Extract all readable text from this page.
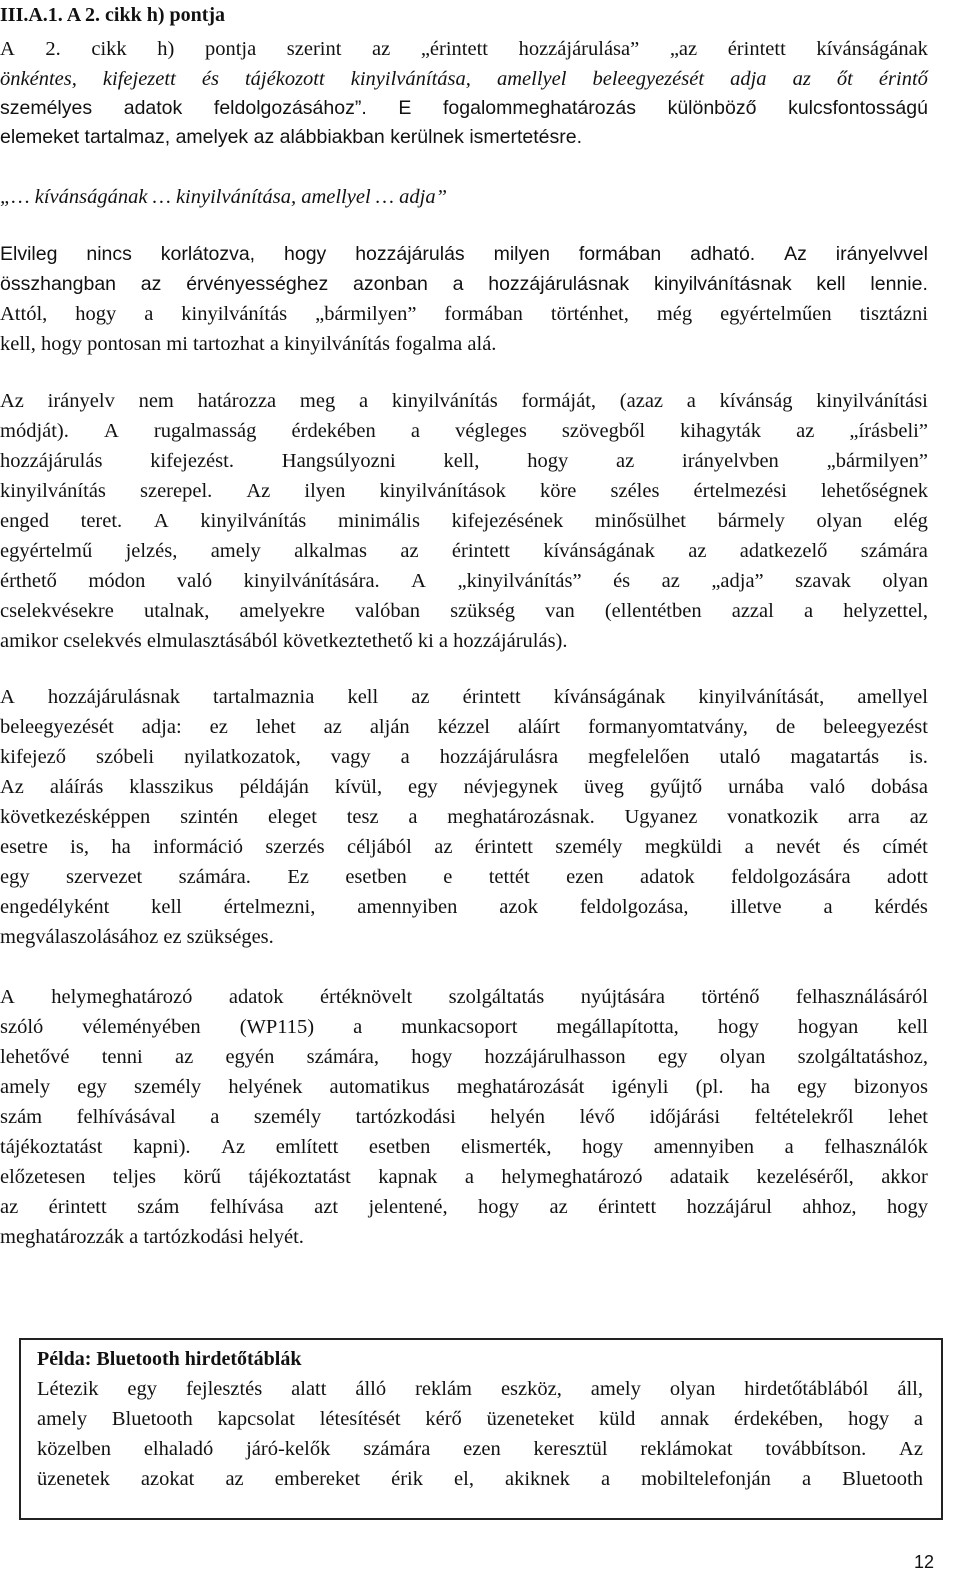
III.A.1. A 2. cikk h) pontja
A 2. cikk h) pontja szerint az „érintett hozzájárulása” „az érintett kívánságának
önkéntes, kifejezett és tájékozott kinyilvánítása, amellyel beleegyezését adja az őt érintő
személyes adatok feldolgozásához”. E fogalommeghatározás különböző kulcsfontosságú
elemeket tartalmaz, amelyek az alábbiakban kerülnek ismertetésre.
„… kívánságának … kinyilvánítása, amellyel … adja”
Elvileg nincs korlátozva, hogy hozzájárulás milyen formában adható. Az irányelvvel
összhangban az érvényességhez azonban a hozzájárulásnak kinyilvánításnak kell lennie.
Attól, hogy a kinyilvánítás „bármilyen” formában történhet, még egyértelműen tisztázni
kell, hogy pontosan mi tartozhat a kinyilvánítás fogalma alá.
Az irányelv nem határozza meg a kinyilvánítás formáját, (azaz a kívánság kinyilvánítási
módját). A rugalmasság érdekében a végleges szövegből kihagyták az „írásbeli”
hozzájárulás kifejezést. Hangsúlyozni kell, hogy az irányelvben „bármilyen”
kinyilvánítás szerepel. Az ilyen kinyilvánítások köre széles értelmezési lehetőségnek
enged teret. A kinyilvánítás minimális kifejezésének minősülhet bármely olyan elég
egyértelmű jelzés, amely alkalmas az érintett kívánságának az adatkezelő számára
érthető módon való kinyilvánítására. A „kinyilvánítás” és az „adja” szavak olyan
cselekvésekre utalnak, amelyekre valóban szükség van (ellentétben azzal a helyzettel,
amikor cselekvés elmulasztásából következtethető ki a hozzájárulás).
A hozzájárulásnak tartalmaznia kell az érintett kívánságának kinyilvánítását, amellyel
beleegyezését adja: ez lehet az alján kézzel aláírt formanyomtatvány, de beleegyezést
kifejező szóbeli nyilatkozatok, vagy a hozzájárulásra megfelelően utaló magatartás is.
Az aláírás klasszikus példáján kívül, egy névjegynek üveg gyűjtő urnába való dobása
következésképpen szintén eleget tesz a meghatározásnak. Ugyanez vonatkozik arra az
esetre is, ha információ szerzés céljából az érintett személy megküldi a nevét és címét
egy szervezet számára. Ez esetben e tettét ezen adatok feldolgozására adott
engedélyként kell értelmezni, amennyiben azok feldolgozása, illetve a kérdés
megválaszolásához ez szükséges.
A helymeghatározó adatok értéknövelt szolgáltatás nyújtására történő felhasználásáról
szóló véleményében (WP115) a munkacsoport megállapította, hogy hogyan kell
lehetővé tenni az egyén számára, hogy hozzájárulhasson egy olyan szolgáltatáshoz,
amely egy személy helyének automatikus meghatározását igényli (pl. ha egy bizonyos
szám felhívásával a személy tartózkodási helyén lévő időjárási feltételekről lehet
tájékoztatást kapni). Az említett esetben elismerték, hogy amennyiben a felhasználók
előzetesen teljes körű tájékoztatást kapnak a helymeghatározó adataik kezeléséről, akkor
az érintett szám felhívása azt jelentené, hogy az érintett hozzájárul ahhoz, hogy
meghatározzák a tartózkodási helyét.
Példa: Bluetooth hirdetőtáblák
Létezik egy fejlesztés alatt álló reklám eszköz, amely olyan hirdetőtáblából áll,
amely Bluetooth kapcsolat létesítését kérő üzeneteket küld annak érdekében, hogy a
közelben elhaladó járó-kelők számára ezen keresztül reklámokat továbbítson. Az
üzenetek azokat az embereket érik el, akiknek a mobiltelefonján a Bluetooth
12
